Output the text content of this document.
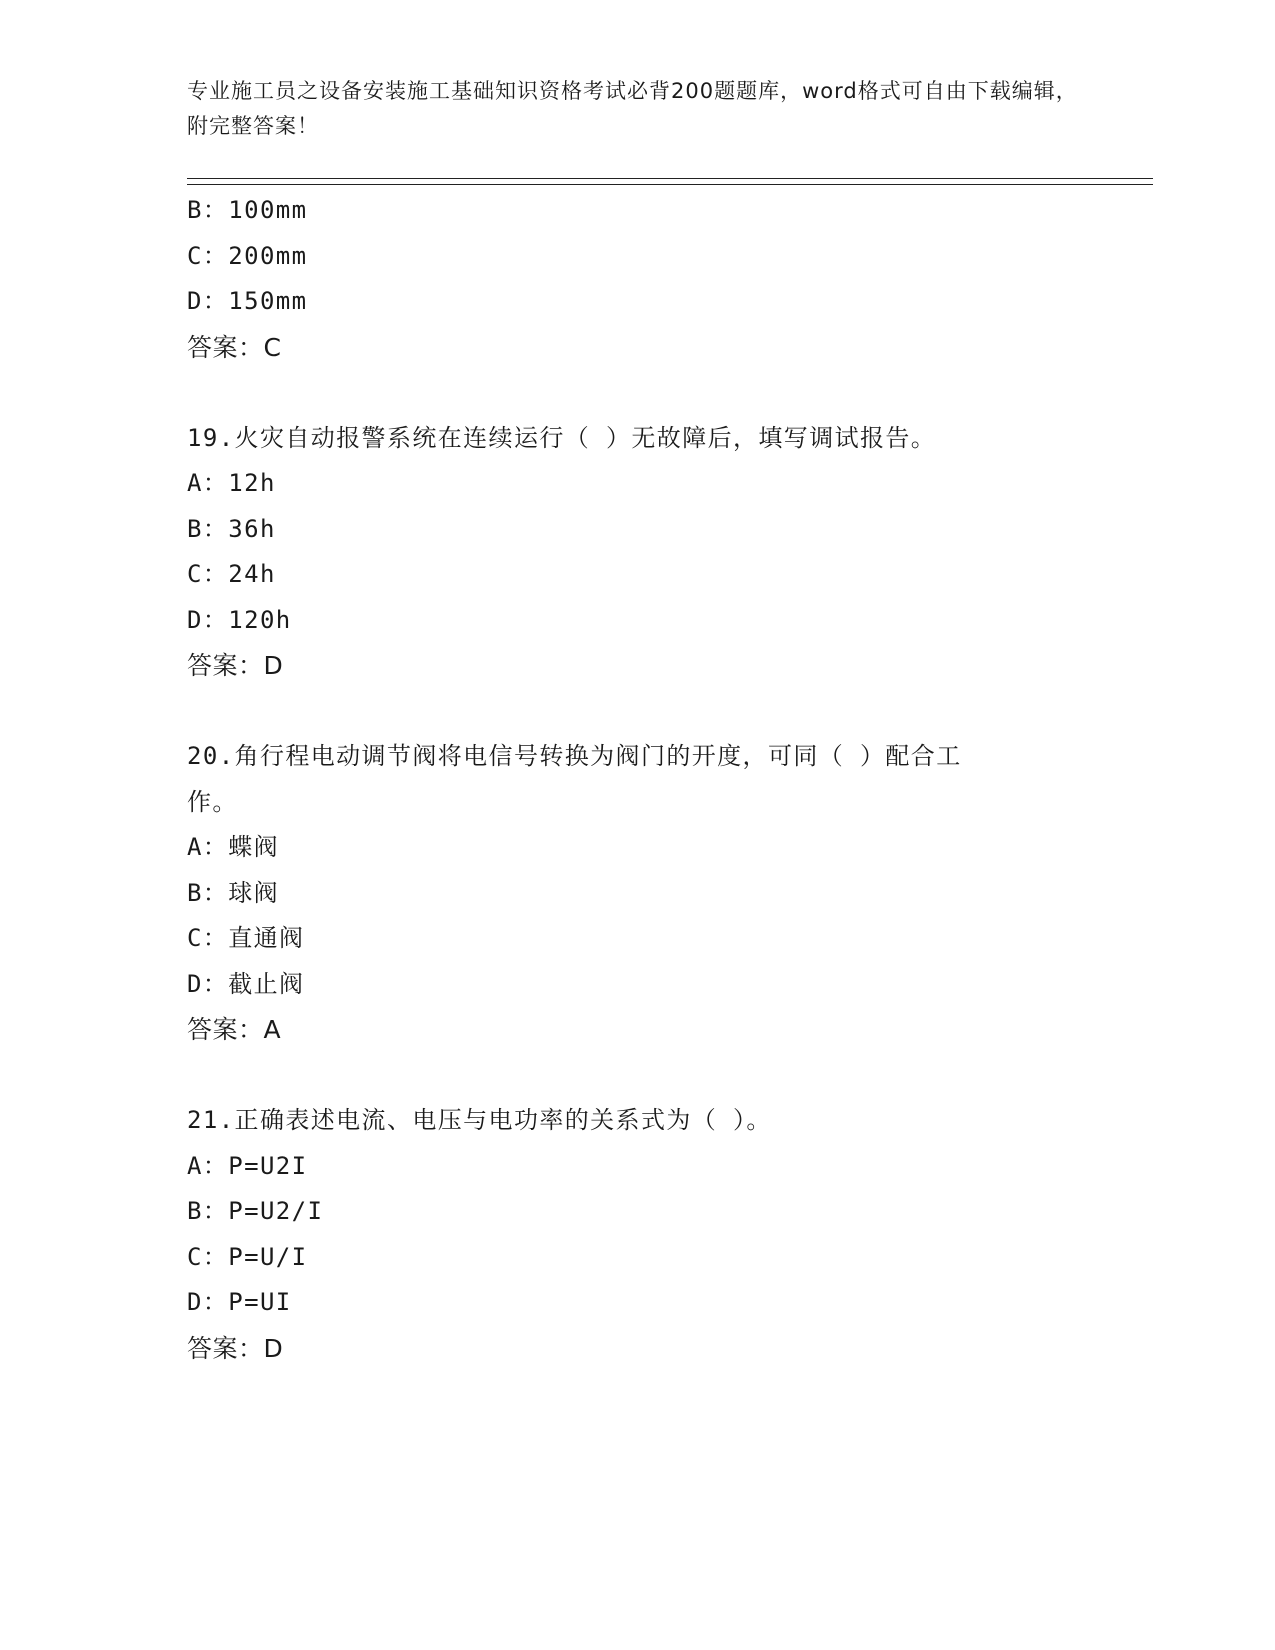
专业施工员之设备安装施工基础知识资格考试必背200题题库，word格式可自由下载编辑，附完整答案！
B：100mm
C：200mm
D：150mm
答案：C
19.火灾自动报警系统在连续运行（ ）无故障后，填写调试报告。
A：12h
B：36h
C：24h
D：120h
答案：D
20.角行程电动调节阀将电信号转换为阀门的开度，可同（ ）配合工
作。
A：蝶阀
B：球阀
C：直通阀
D：截止阀
答案：A
21.正确表述电流、电压与电功率的关系式为（ ）。
A：P=U2I
B：P=U2/I
C：P=U/I
D：P=UI
答案：D
